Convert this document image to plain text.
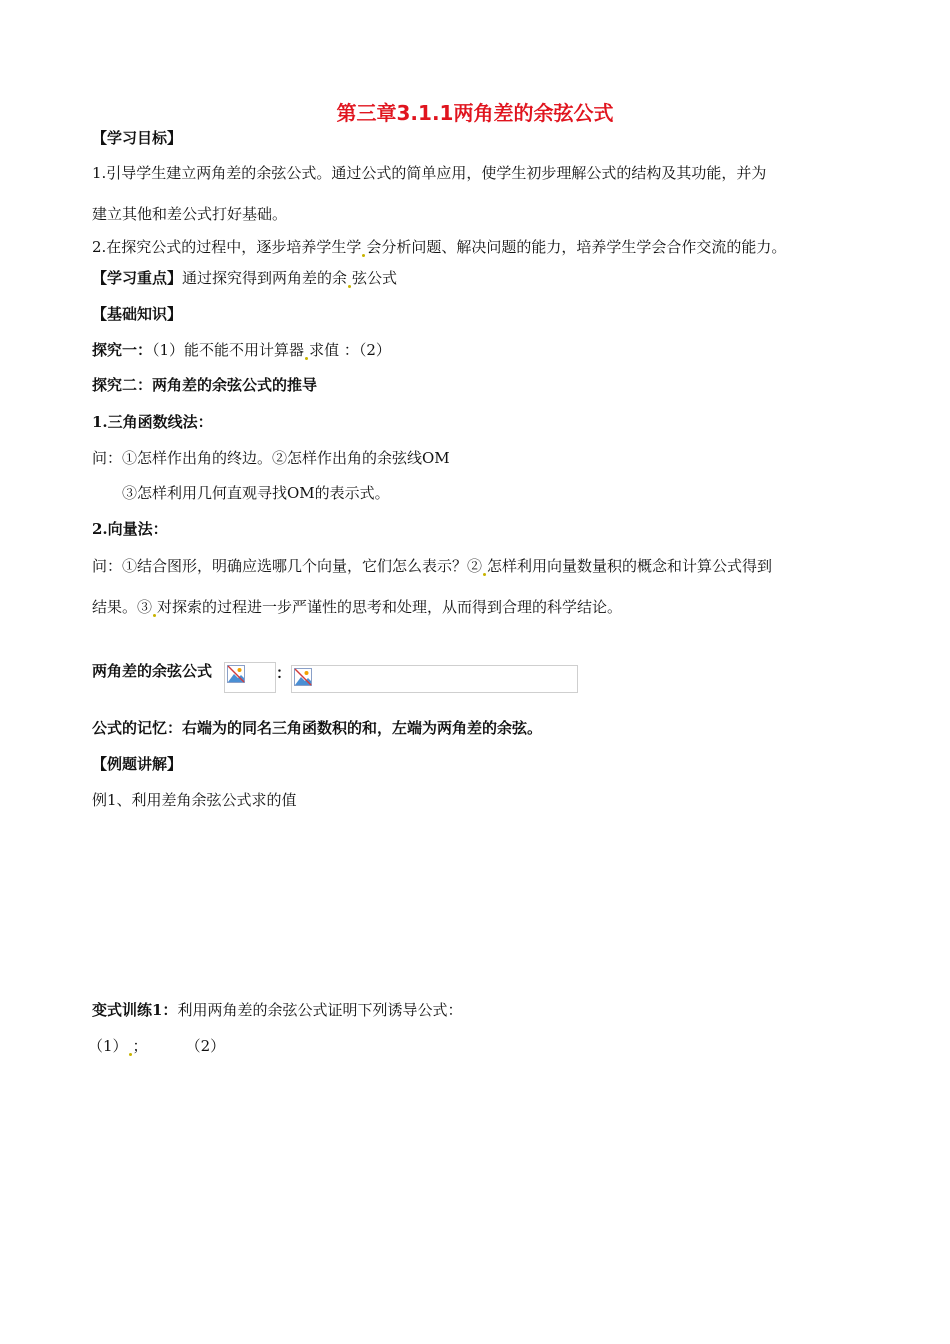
第三章3.1.1两角差的余弦公式
【学习目标】
1.引导学生建立两角差的余弦公式。通过公式的简单应用，使学生初步理解公式的结构及其功能，并为
建立其他和差公式打好基础。
2.在探究公式的过程中，逐步培养学生学 会分析问题、解决问题的能力，培养学生学会合作交流的能力。
【学习重点】通过探究得到两角差的余 弦公式
【基础知识】
探究一：（1）能不能不用计算器 求值 ：（2）
探究二：两角差的余弦公式的推导
1.三角函数线法：
问：①怎样作出角的终边。②怎样作出角的余弦线OM
③怎样利用几何直观寻找OM的表示式。
2.向量法：
问：①结合图形，明确应选哪几个向量，它们怎么表示？② 怎样利用向量数量积的概念和计算公式得到
结果。③ 对探索的过程进一步严谨性的思考和处理，从而得到合理的科学结论。
两角差的余弦公式	：
公式的记忆：右端为的同名三角函数积的和，左端为两角差的余弦。
【例题讲解】
例1、利用差角余弦公式求的值
变式训练1：利用两角差的余弦公式证明下列诱导公式：
（1） ；	（2）
